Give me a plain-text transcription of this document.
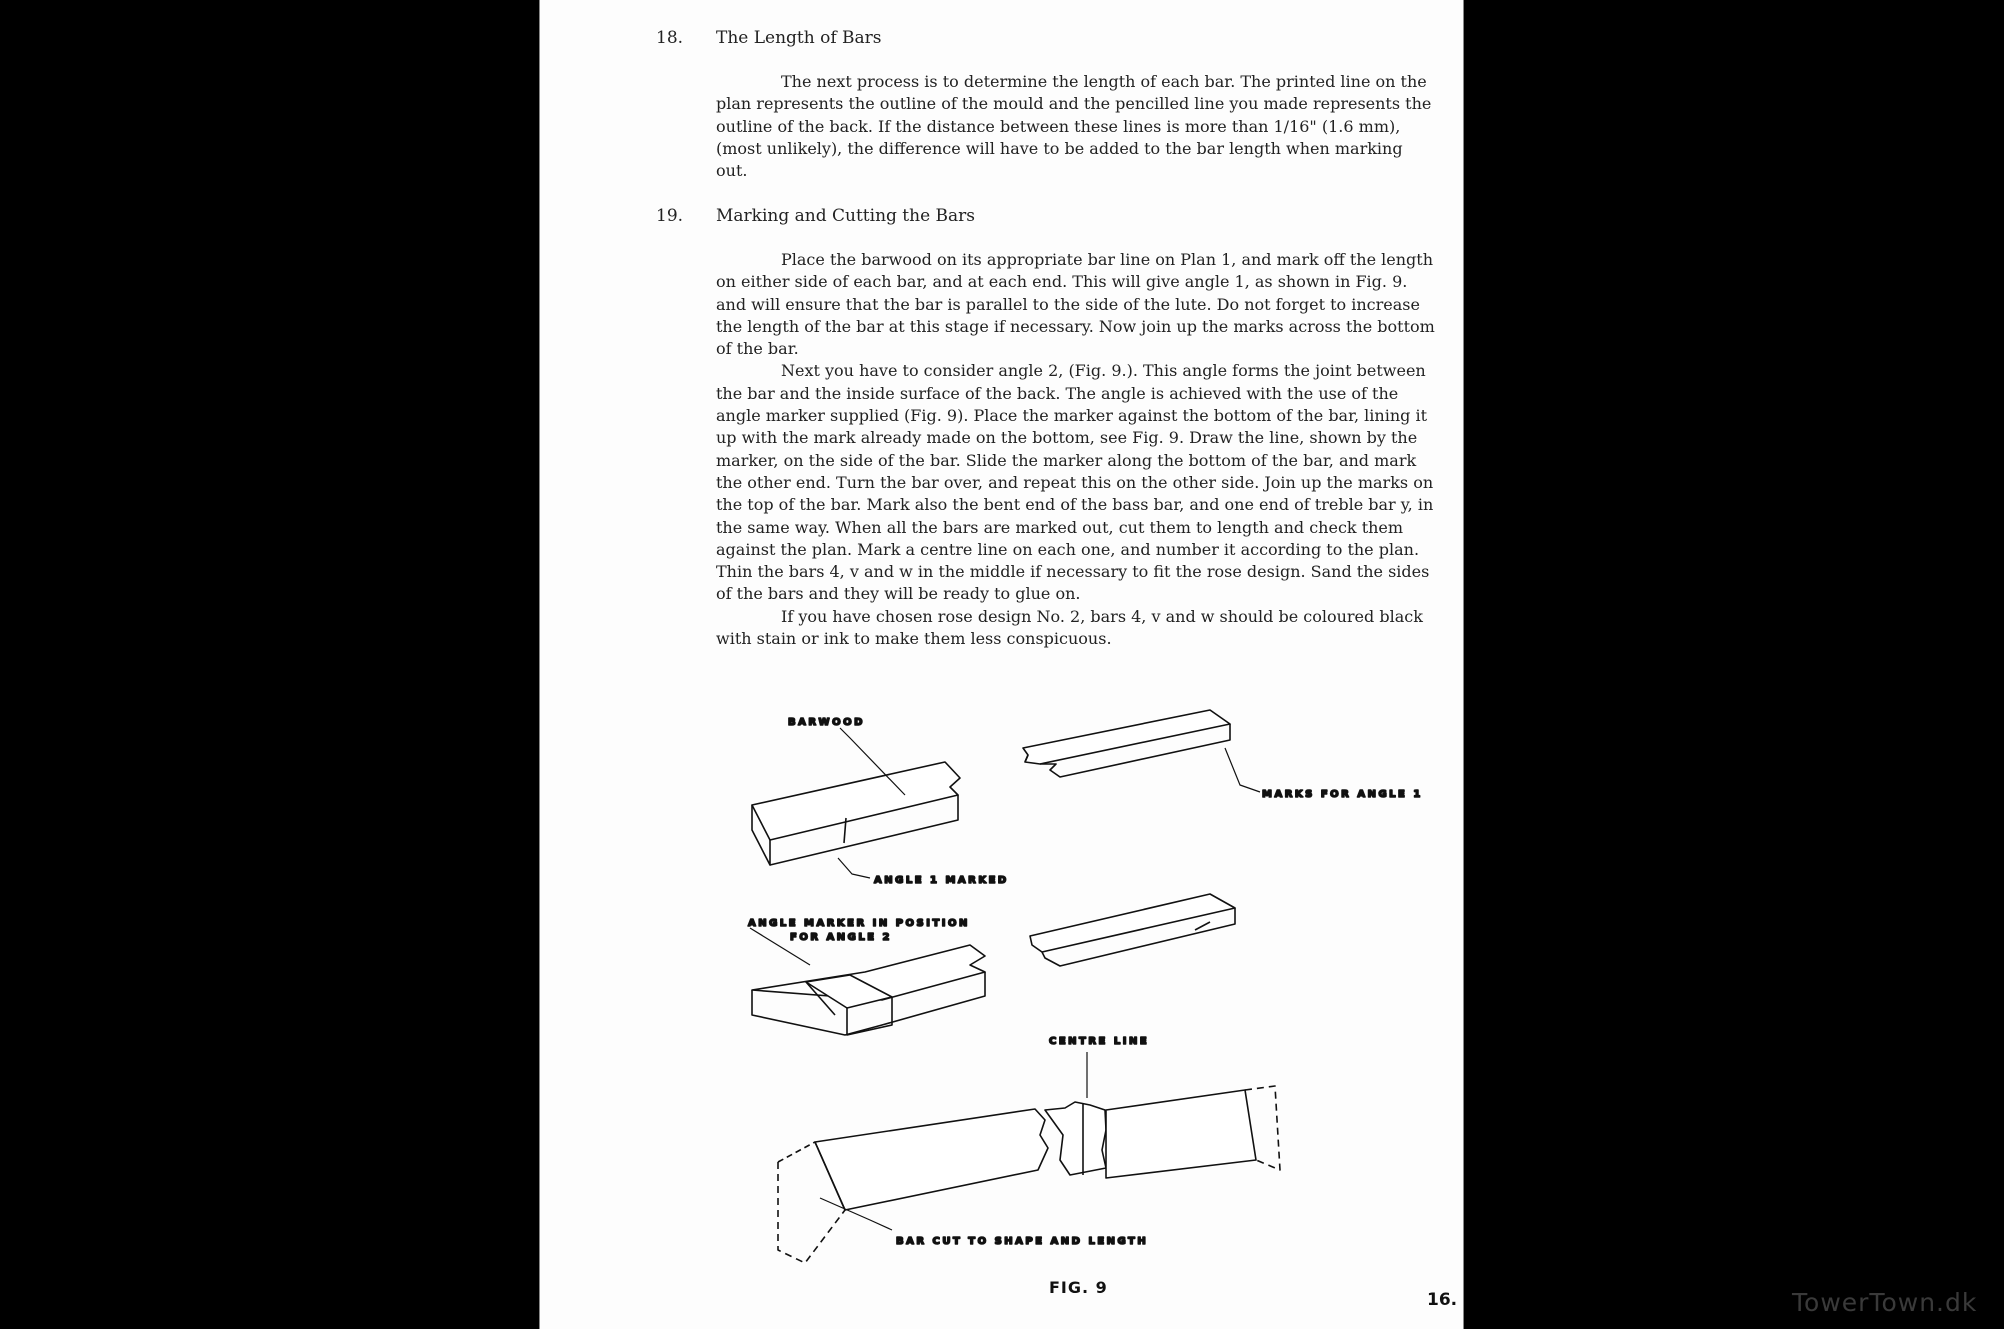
18. The Length of Bars

The next process is to determine the length of each bar. The printed line on the plan represents the outline of the mould and the pencilled line you made represents the outline of the back. If the distance between these lines is more than 1/16" (1.6 mm), (most unlikely), the difference will have to be added to the bar length when marking out.

19. Marking and Cutting the Bars

Place the barwood on its appropriate bar line on Plan 1, and mark off the length on either side of each bar, and at each end. This will give angle 1, as shown in Fig. 9. and will ensure that the bar is parallel to the side of the lute. Do not forget to increase the length of the bar at this stage if necessary. Now join up the marks across the bottom of the bar.

Next you have to consider angle 2, (Fig. 9.). This angle forms the joint between the bar and the inside surface of the back. The angle is achieved with the use of the angle marker supplied (Fig. 9). Place the marker against the bottom of the bar, lining it up with the mark already made on the bottom, see Fig. 9. Draw the line, shown by the marker, on the side of the bar. Slide the marker along the bottom of the bar, and mark the other end. Turn the bar over, and repeat this on the other side. Join up the marks on the top of the bar. Mark also the bent end of the bass bar, and one end of treble bar y, in the same way. When all the bars are marked out, cut them to length and check them against the plan. Mark a centre line on each one, and number it according to the plan. Thin the bars 4, v and w in the middle if necessary to fit the rose design. Sand the sides of the bars and they will be ready to glue on.

If you have chosen rose design No. 2, bars 4, v and w should be coloured black with stain or ink to make them less conspicuous.

BARWOOD
MARKS FOR ANGLE 1
ANGLE 1 MARKED
ANGLE MARKER IN POSITION
FOR ANGLE 2
CENTRE LINE
BAR CUT TO SHAPE AND LENGTH
FIG. 9
16.	TowerTown.dk
